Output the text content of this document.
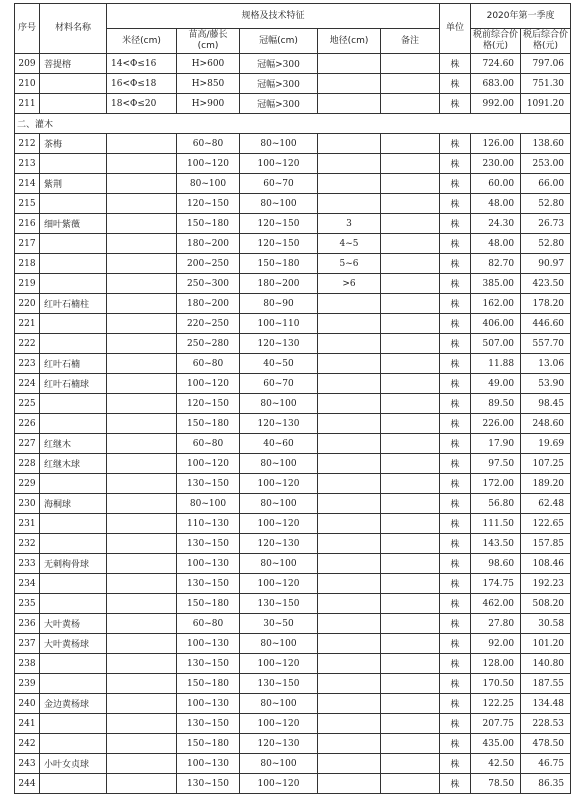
序号	材料名称	规格及技术特征					单位	2020年第一季度	
		米径(cm)	苗高/藤长(cm)	冠幅(cm)	地径(cm)	备注		税前综合价格(元)	税后综合价格(元)
209	菩提榕	14<Φ≤16	H>600	冠幅>300			株	724.60	797.06
210		16<Φ≤18	H>850	冠幅>300			株	683.00	751.30
211		18<Φ≤20	H>900	冠幅>300			株	992.00	1091.20
二、灌木									
212	茶梅		60~80	80~100			株	126.00	138.60
213			100~120	100~120			株	230.00	253.00
214	紫荆		80~100	60~70			株	60.00	66.00
215			120~150	80~100			株	48.00	52.80
216	细叶紫薇		150~180	120~150	3		株	24.30	26.73
217			180~200	120~150	4~5		株	48.00	52.80
218			200~250	150~180	5~6		株	82.70	90.97
219			250~300	180~200	>6		株	385.00	423.50
220	红叶石楠柱		180~200	80~90			株	162.00	178.20
221			220~250	100~110			株	406.00	446.60
222			250~280	120~130			株	507.00	557.70
223	红叶石楠		60~80	40~50			株	11.88	13.06
224	红叶石楠球		100~120	60~70			株	49.00	53.90
225			120~150	80~100			株	89.50	98.45
226			150~180	120~130			株	226.00	248.60
227	红继木		60~80	40~60			株	17.90	19.69
228	红继木球		100~120	80~100			株	97.50	107.25
229			130~150	100~120			株	172.00	189.20
230	海桐球		80~100	80~100			株	56.80	62.48
231			110~130	100~120			株	111.50	122.65
232			130~150	120~130			株	143.50	157.85
233	无刺枸骨球		100~130	80~100			株	98.60	108.46
234			130~150	100~120			株	174.75	192.23
235			150~180	130~150			株	462.00	508.20
236	大叶黄杨		60~80	30~50			株	27.80	30.58
237	大叶黄杨球		100~130	80~100			株	92.00	101.20
238			130~150	100~120			株	128.00	140.80
239			150~180	130~150			株	170.50	187.55
240	金边黄杨球		100~130	80~100			株	122.25	134.48
241			130~150	100~120			株	207.75	228.53
242			150~180	120~130			株	435.00	478.50
243	小叶女贞球		100~130	80~100			株	42.50	46.75
244			130~150	100~120			株	78.50	86.35
